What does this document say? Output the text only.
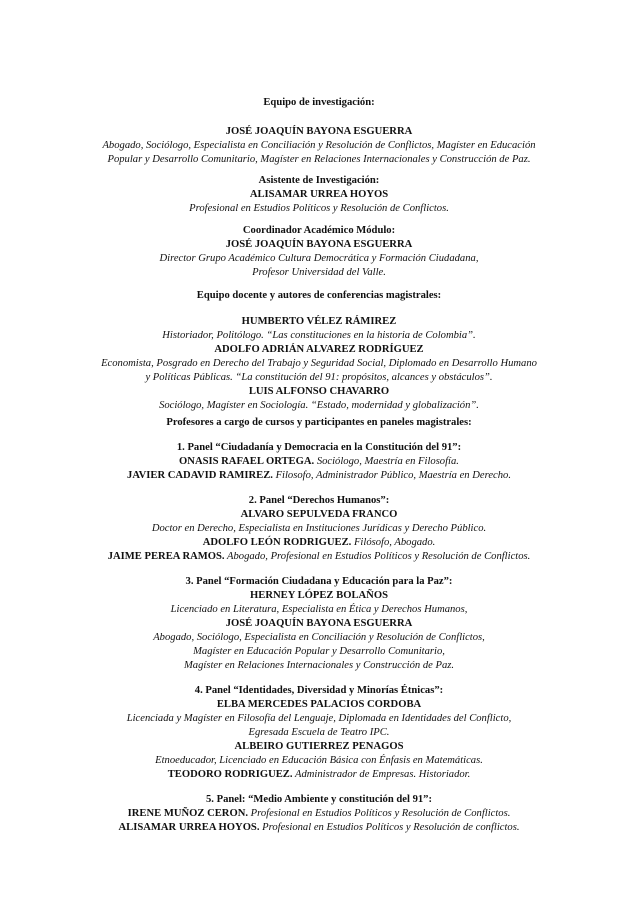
Equipo de investigación:
JOSÉ JOAQUÍN BAYONA ESGUERRA
Abogado, Sociólogo, Especialista en Conciliación y Resolución de Conflictos, Magíster en Educación
Popular y Desarrollo Comunitario, Magíster en Relaciones Internacionales y Construcción de Paz.
Asistente de Investigación:
ALISAMAR URREA HOYOS
Profesional en Estudios Políticos y Resolución de Conflictos.
Coordinador Académico Módulo:
JOSÉ JOAQUÍN BAYONA ESGUERRA
Director Grupo Académico Cultura Democrática y Formación Ciudadana,
Profesor Universidad del Valle.
Equipo docente y autores de conferencias magistrales:
HUMBERTO VÉLEZ RÁMIREZ
Historiador, Politólogo. “Las constituciones en la historia de Colombia”.
ADOLFO ADRIÁN ALVAREZ RODRÍGUEZ
Economista, Posgrado en Derecho del Trabajo y Seguridad Social, Diplomado en Desarrollo Humano
y Políticas Públicas. “La constitución del 91: propósitos, alcances y obstáculos”.
LUIS ALFONSO CHAVARRO
Sociólogo, Magíster en Sociología. “Estado, modernidad y globalización”.
Profesores a cargo de cursos y participantes en paneles magistrales:
1. Panel “Ciudadanía y Democracia en la Constitución del 91”:
ONASIS RAFAEL ORTEGA. Sociólogo, Maestría en Filosofía.
JAVIER CADAVID RAMIREZ. Filosofo, Administrador Público, Maestría en Derecho.
2. Panel “Derechos Humanos”:
ALVARO SEPULVEDA FRANCO
Doctor en Derecho, Especialista en Instituciones Jurídicas y Derecho Público.
ADOLFO LEÓN RODRIGUEZ. Filósofo, Abogado.
JAIME PEREA RAMOS. Abogado, Profesional en Estudios Políticos y Resolución de Conflictos.
3. Panel “Formación Ciudadana y Educación para la Paz”:
HERNEY LÓPEZ BOLAÑOS
Licenciado en Literatura, Especialista en Ética y Derechos Humanos,
JOSÉ JOAQUÍN BAYONA ESGUERRA
Abogado, Sociólogo, Especialista en Conciliación y Resolución de Conflictos,
Magíster en Educación Popular y Desarrollo Comunitario,
Magíster en Relaciones Internacionales y Construcción de Paz.
4. Panel “Identidades, Diversidad y Minorías Étnicas”:
ELBA MERCEDES PALACIOS CORDOBA
Licenciada y Magíster en Filosofía del Lenguaje, Diplomada en Identidades del Conflicto,
Egresada Escuela de Teatro IPC.
ALBEIRO GUTIERREZ PENAGOS
Etnoeducador, Licenciado en Educación Básica con Énfasis en Matemáticas.
TEODORO RODRIGUEZ. Administrador de Empresas. Historiador.
5. Panel: “Medio Ambiente y constitución del 91”:
IRENE MUÑOZ CERON. Profesional en Estudios Políticos y Resolución de Conflictos.
ALISAMAR URREA HOYOS. Profesional en Estudios Políticos y Resolución de conflictos.
